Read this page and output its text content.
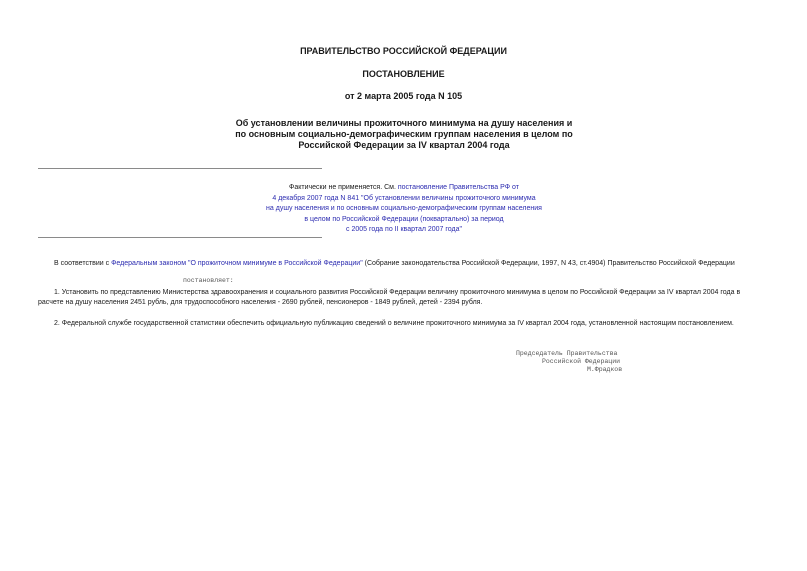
ПРАВИТЕЛЬСТВО РОССИЙСКОЙ ФЕДЕРАЦИИ
ПОСТАНОВЛЕНИЕ
от 2 марта 2005 года N 105
Об установлении величины прожиточного минимума на душу населения и
по основным социально-демографическим группам населения в целом по
Российской Федерации за IV квартал 2004 года
Фактически не применяется. См. постановление Правительства РФ от
4 декабря 2007 года N 841 "Об установлении величины прожиточного минимума
на душу населения и по основным социально-демографическим группам населения
в целом по Российской Федерации (поквартально) за период
с 2005 года по II квартал 2007 года"
В соответствии с Федеральным законом "О прожиточном минимуме в Российской Федерации" (Собрание законодательства Российской Федерации, 1997, N 43, ст.4904) Правительство Российской Федерации
постановляет:
1. Установить по представлению Министерства здравоохранения и социального развития Российской Федерации величину прожиточного минимума в целом по Российской Федерации за IV квартал 2004 года в
расчете на душу населения 2451 рубль, для трудоспособного населения - 2690 рублей, пенсионеров - 1849 рублей, детей - 2394 рубля.
2. Федеральной службе государственной статистики обеспечить официальную публикацию сведений о величине прожиточного минимума за IV квартал 2004 года, установленной настоящим постановлением.
Председатель Правительства
Российской Федерации
М.Фрадков
